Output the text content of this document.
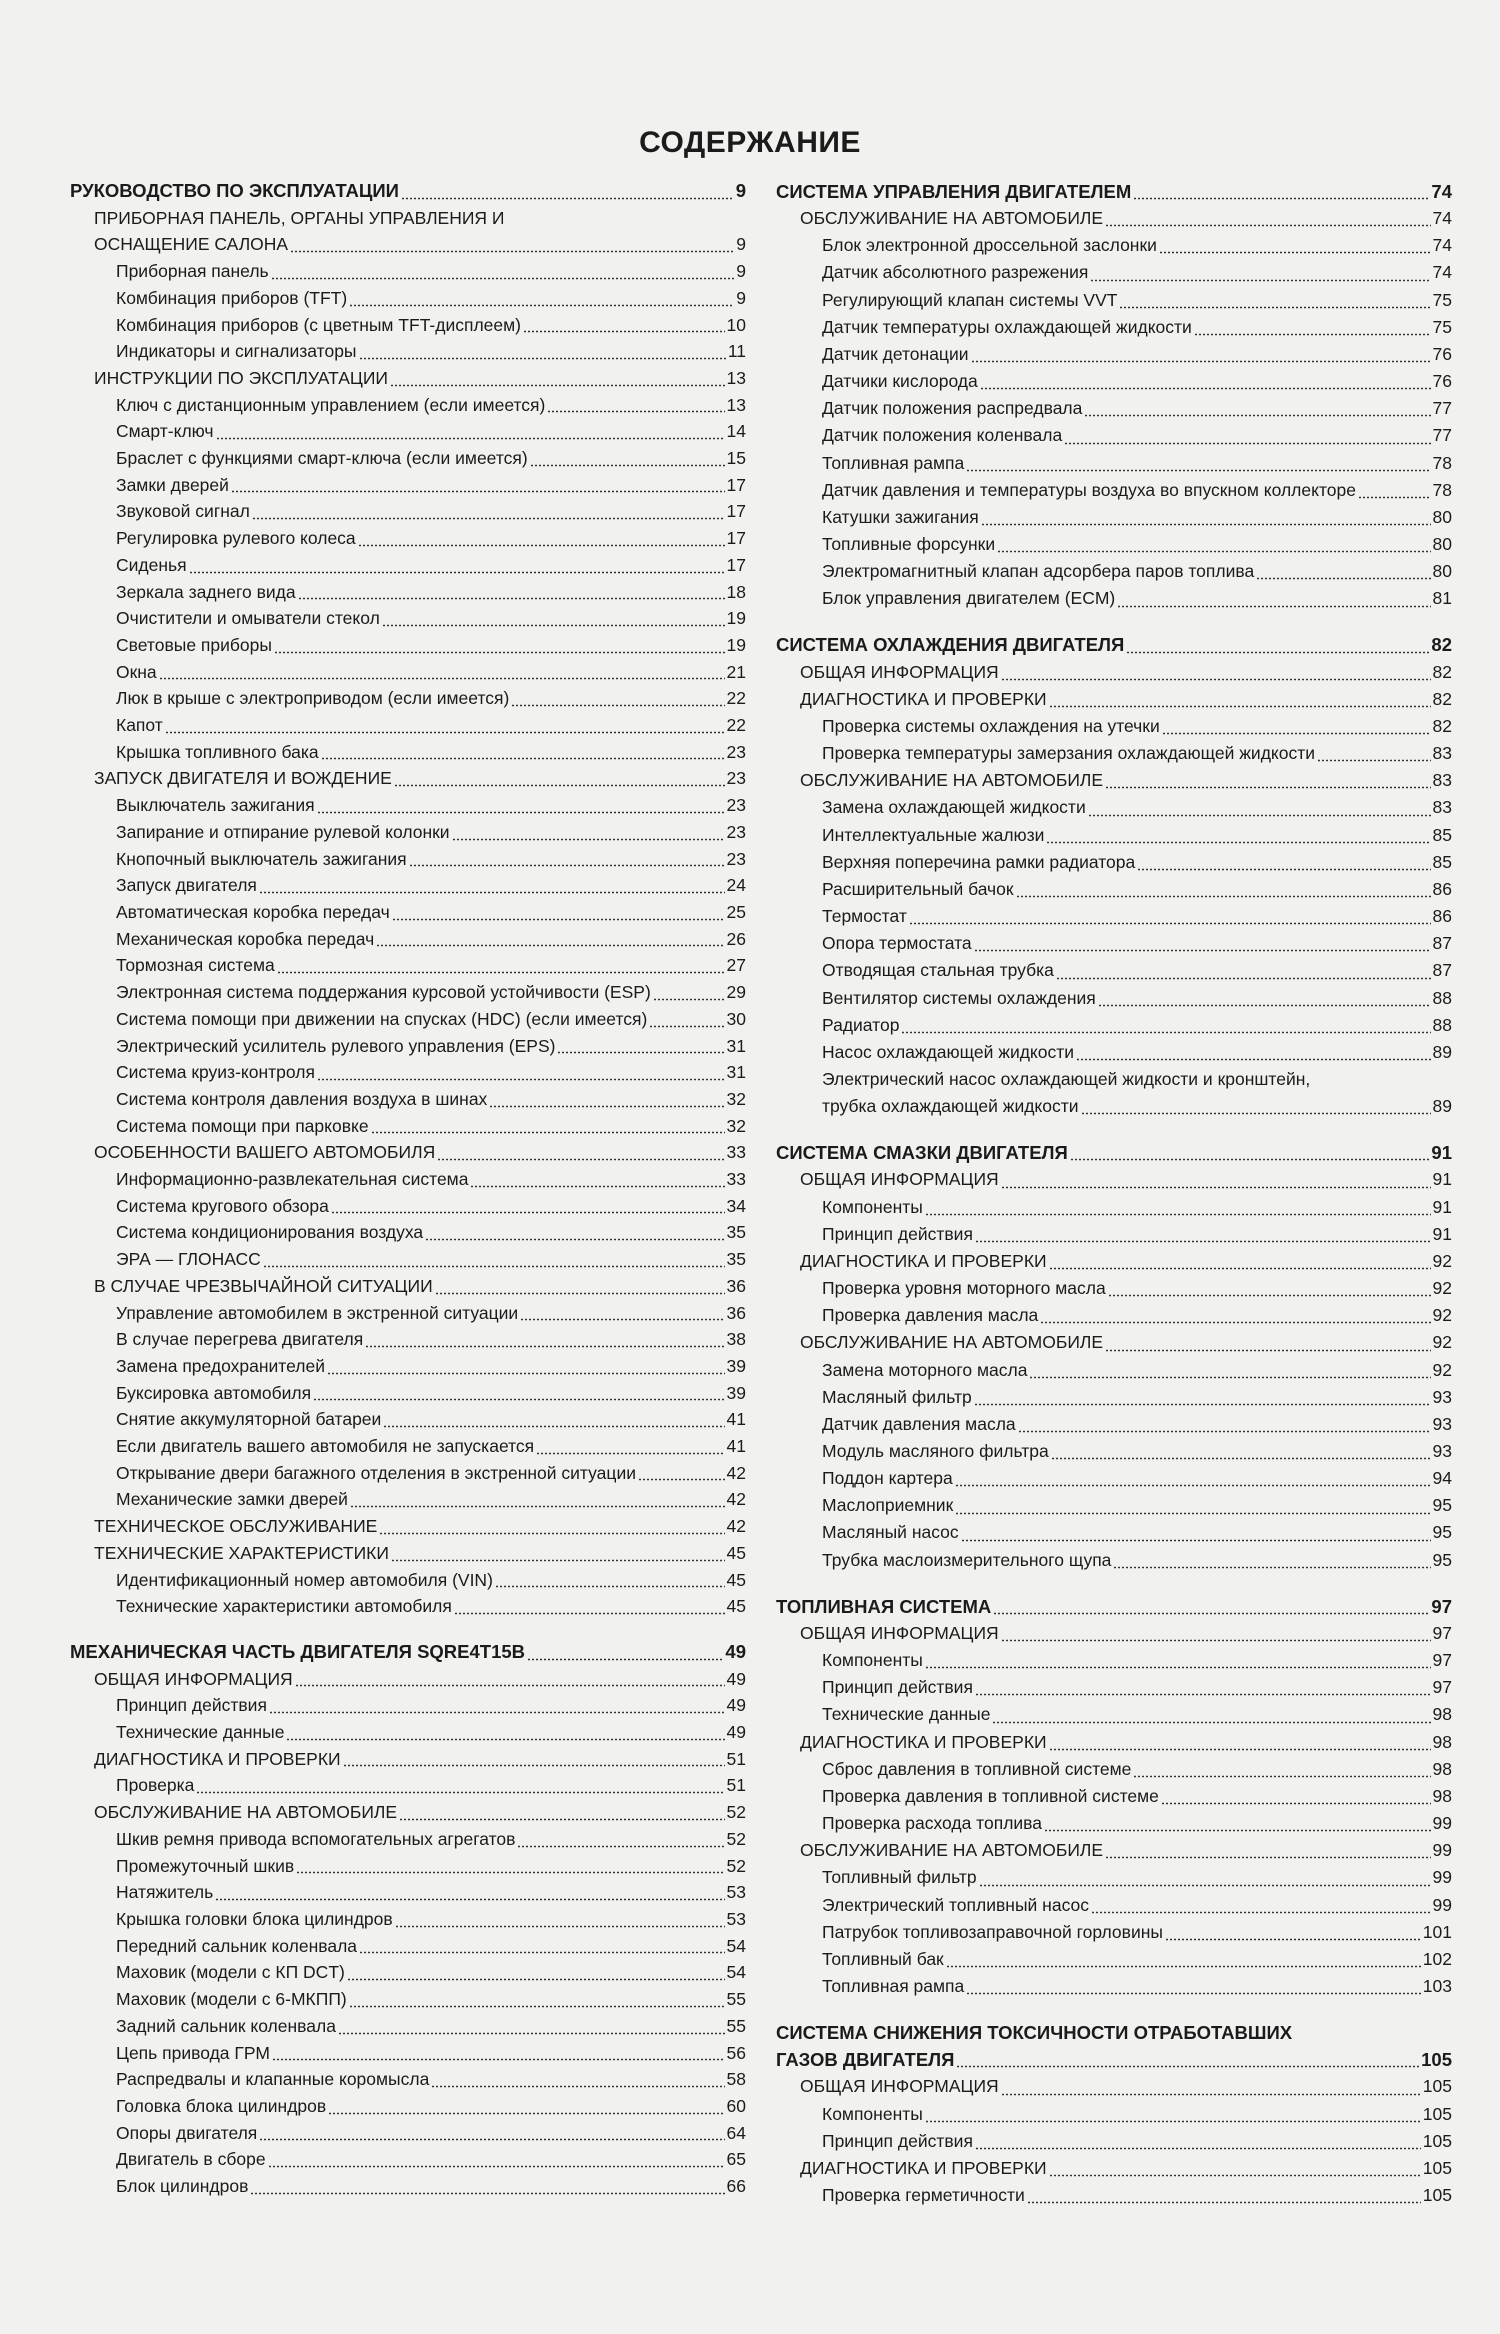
СОДЕРЖАНИЕ
РУКОВОДСТВО ПО ЭКСПЛУАТАЦИИ	9
ПРИБОРНАЯ ПАНЕЛЬ, ОРГАНЫ УПРАВЛЕНИЯ И
ОСНАЩЕНИЕ САЛОНА	9
Приборная панель	9
Комбинация приборов (TFT)	9
Комбинация приборов (с цветным TFT-дисплеем)	10
Индикаторы и сигнализаторы	11
ИНСТРУКЦИИ ПО ЭКСПЛУАТАЦИИ	13
Ключ с дистанционным управлением (если имеется)	13
Смарт-ключ	14
Браслет с функциями смарт-ключа (если имеется)	15
Замки дверей	17
Звуковой сигнал	17
Регулировка рулевого колеса	17
Сиденья	17
Зеркала заднего вида	18
Очистители и омыватели стекол	19
Световые приборы	19
Окна	21
Люк в крыше с электроприводом (если имеется)	22
Капот	22
Крышка топливного бака	23
ЗАПУСК ДВИГАТЕЛЯ И ВОЖДЕНИЕ	23
Выключатель зажигания	23
Запирание и отпирание рулевой колонки	23
Кнопочный выключатель зажигания	23
Запуск двигателя	24
Автоматическая коробка передач	25
Механическая коробка передач	26
Тормозная система	27
Электронная система поддержания курсовой устойчивости (ESP)	29
Система помощи при движении на спусках (HDC) (если имеется)	30
Электрический усилитель рулевого управления (EPS)	31
Система круиз-контроля	31
Система контроля давления воздуха в шинах	32
Система помощи при парковке	32
ОСОБЕННОСТИ ВАШЕГО АВТОМОБИЛЯ	33
Информационно-развлекательная система	33
Система кругового обзора	34
Система кондиционирования воздуха	35
ЭРА — ГЛОНАСС	35
В СЛУЧАЕ ЧРЕЗВЫЧАЙНОЙ СИТУАЦИИ	36
Управление автомобилем в экстренной ситуации	36
В случае перегрева двигателя	38
Замена предохранителей	39
Буксировка автомобиля	39
Снятие аккумуляторной батареи	41
Если двигатель вашего автомобиля не запускается	41
Открывание двери багажного отделения в экстренной ситуации	42
Механические замки дверей	42
ТЕХНИЧЕСКОЕ ОБСЛУЖИВАНИЕ	42
ТЕХНИЧЕСКИЕ ХАРАКТЕРИСТИКИ	45
Идентификационный номер автомобиля (VIN)	45
Технические характеристики автомобиля	45
МЕХАНИЧЕСКАЯ ЧАСТЬ ДВИГАТЕЛЯ SQRE4T15B	49
ОБЩАЯ ИНФОРМАЦИЯ	49
Принцип действия	49
Технические данные	49
ДИАГНОСТИКА И ПРОВЕРКИ	51
Проверка	51
ОБСЛУЖИВАНИЕ НА АВТОМОБИЛЕ	52
Шкив ремня привода вспомогательных агрегатов	52
Промежуточный шкив	52
Натяжитель	53
Крышка головки блока цилиндров	53
Передний сальник коленвала	54
Маховик (модели с КП DCT)	54
Маховик (модели с 6-МКПП)	55
Задний сальник коленвала	55
Цепь привода ГРМ	56
Распредвалы и клапанные коромысла	58
Головка блока цилиндров	60
Опоры двигателя	64
Двигатель в сборе	65
Блок цилиндров	66
СИСТЕМА УПРАВЛЕНИЯ ДВИГАТЕЛЕМ	74
ОБСЛУЖИВАНИЕ НА АВТОМОБИЛЕ	74
Блок электронной дроссельной заслонки	74
Датчик абсолютного разрежения	74
Регулирующий клапан системы VVT	75
Датчик температуры охлаждающей жидкости	75
Датчик детонации	76
Датчики кислорода	76
Датчик положения распредвала	77
Датчик положения коленвала	77
Топливная рампа	78
Датчик давления и температуры воздуха во впускном коллекторе	78
Катушки зажигания	80
Топливные форсунки	80
Электромагнитный клапан адсорбера паров топлива	80
Блок управления двигателем (ECM)	81
СИСТЕМА ОХЛАЖДЕНИЯ ДВИГАТЕЛЯ	82
ОБЩАЯ ИНФОРМАЦИЯ	82
ДИАГНОСТИКА И ПРОВЕРКИ	82
Проверка системы охлаждения на утечки	82
Проверка температуры замерзания охлаждающей жидкости	83
ОБСЛУЖИВАНИЕ НА АВТОМОБИЛЕ	83
Замена охлаждающей жидкости	83
Интеллектуальные жалюзи	85
Верхняя поперечина рамки радиатора	85
Расширительный бачок	86
Термостат	86
Опора термостата	87
Отводящая стальная трубка	87
Вентилятор системы охлаждения	88
Радиатор	88
Насос охлаждающей жидкости	89
Электрический насос охлаждающей жидкости и кронштейн,
трубка охлаждающей жидкости	89
СИСТЕМА СМАЗКИ ДВИГАТЕЛЯ	91
ОБЩАЯ ИНФОРМАЦИЯ	91
Компоненты	91
Принцип действия	91
ДИАГНОСТИКА И ПРОВЕРКИ	92
Проверка уровня моторного масла	92
Проверка давления масла	92
ОБСЛУЖИВАНИЕ НА АВТОМОБИЛЕ	92
Замена моторного масла	92
Масляный фильтр	93
Датчик давления масла	93
Модуль масляного фильтра	93
Поддон картера	94
Маслоприемник	95
Масляный насос	95
Трубка маслоизмерительного щупа	95
ТОПЛИВНАЯ СИСТЕМА	97
ОБЩАЯ ИНФОРМАЦИЯ	97
Компоненты	97
Принцип действия	97
Технические данные	98
ДИАГНОСТИКА И ПРОВЕРКИ	98
Сброс давления в топливной системе	98
Проверка давления в топливной системе	98
Проверка расхода топлива	99
ОБСЛУЖИВАНИЕ НА АВТОМОБИЛЕ	99
Топливный фильтр	99
Электрический топливный насос	99
Патрубок топливозаправочной горловины	101
Топливный бак	102
Топливная рампа	103
СИСТЕМА СНИЖЕНИЯ ТОКСИЧНОСТИ ОТРАБОТАВШИХ
ГАЗОВ ДВИГАТЕЛЯ	105
ОБЩАЯ ИНФОРМАЦИЯ	105
Компоненты	105
Принцип действия	105
ДИАГНОСТИКА И ПРОВЕРКИ	105
Проверка герметичности	105
